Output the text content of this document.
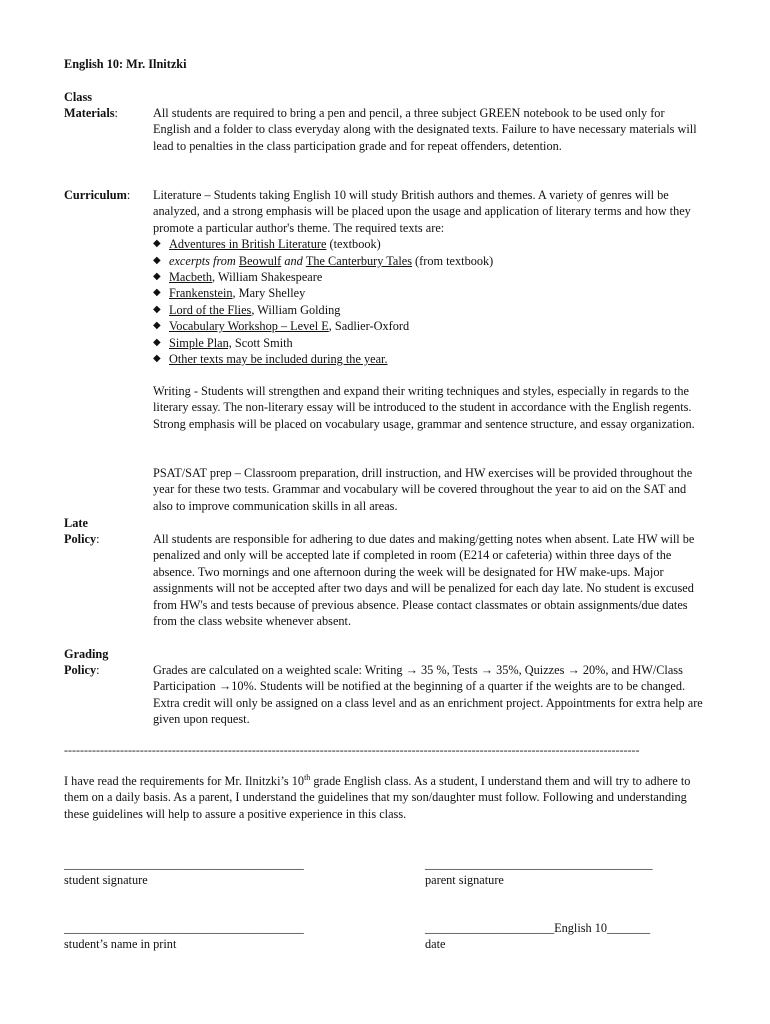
English 10: Mr. Ilnitzki
Class
Materials:	All students are required to bring a pen and pencil, a three subject GREEN notebook to be used only for English and a folder to class everyday along with the designated texts. Failure to have necessary materials will lead to penalties in the class participation grade and for repeat offenders, detention.
Curriculum:	Literature – Students taking English 10 will study British authors and themes. A variety of genres will be analyzed, and a strong emphasis will be placed upon the usage and application of literary terms and how they promote a particular author's theme. The required texts are:
◆ Adventures in British Literature (textbook)
◆ excerpts from Beowulf and The Canterbury Tales (from textbook)
◆ Macbeth, William Shakespeare
◆ Frankenstein, Mary Shelley
◆ Lord of the Flies, William Golding
◆ Vocabulary Workshop – Level E, Sadlier-Oxford
◆ Simple Plan, Scott Smith
◆ Other texts may be included during the year.
Writing - Students will strengthen and expand their writing techniques and styles, especially in regards to the literary essay. The non-literary essay will be introduced to the student in accordance with the English regents. Strong emphasis will be placed on vocabulary usage, grammar and sentence structure, and essay organization.
PSAT/SAT prep – Classroom preparation, drill instruction, and HW exercises will be provided throughout the year for these two tests. Grammar and vocabulary will be covered throughout the year to aid on the SAT and also to improve communication skills in all areas.
Late
Policy:	All students are responsible for adhering to due dates and making/getting notes when absent. Late HW will be penalized and only will be accepted late if completed in room (E214 or cafeteria) within three days of the absence. Two mornings and one afternoon during the week will be designated for HW make-ups. Major assignments will not be accepted after two days and will be penalized for each day late. No student is excused from HW's and tests because of previous absence. Please contact classmates or obtain assignments/due dates from the class website whenever absent.
Grading
Policy:	Grades are calculated on a weighted scale: Writing → 35 %, Tests → 35%, Quizzes → 20%, and HW/Class Participation →10%. Students will be notified at the beginning of a quarter if the weights are to be changed. Extra credit will only be assigned on a class level and as an enrichment project. Appointments for extra help are given upon request.
------------------------------------------------------------------------------------------------------------------------------------------------
I have read the requirements for Mr. Ilnitzki’s 10th grade English class. As a student, I understand them and will try to adhere to them on a daily basis. As a parent, I understand the guidelines that my son/daughter must follow. Following and understanding these guidelines will help to assure a positive experience in this class.
_______________________________________
student signature
_____________________________________
parent signature
_______________________________________
student’s name in print
_____________________English 10_______
date
